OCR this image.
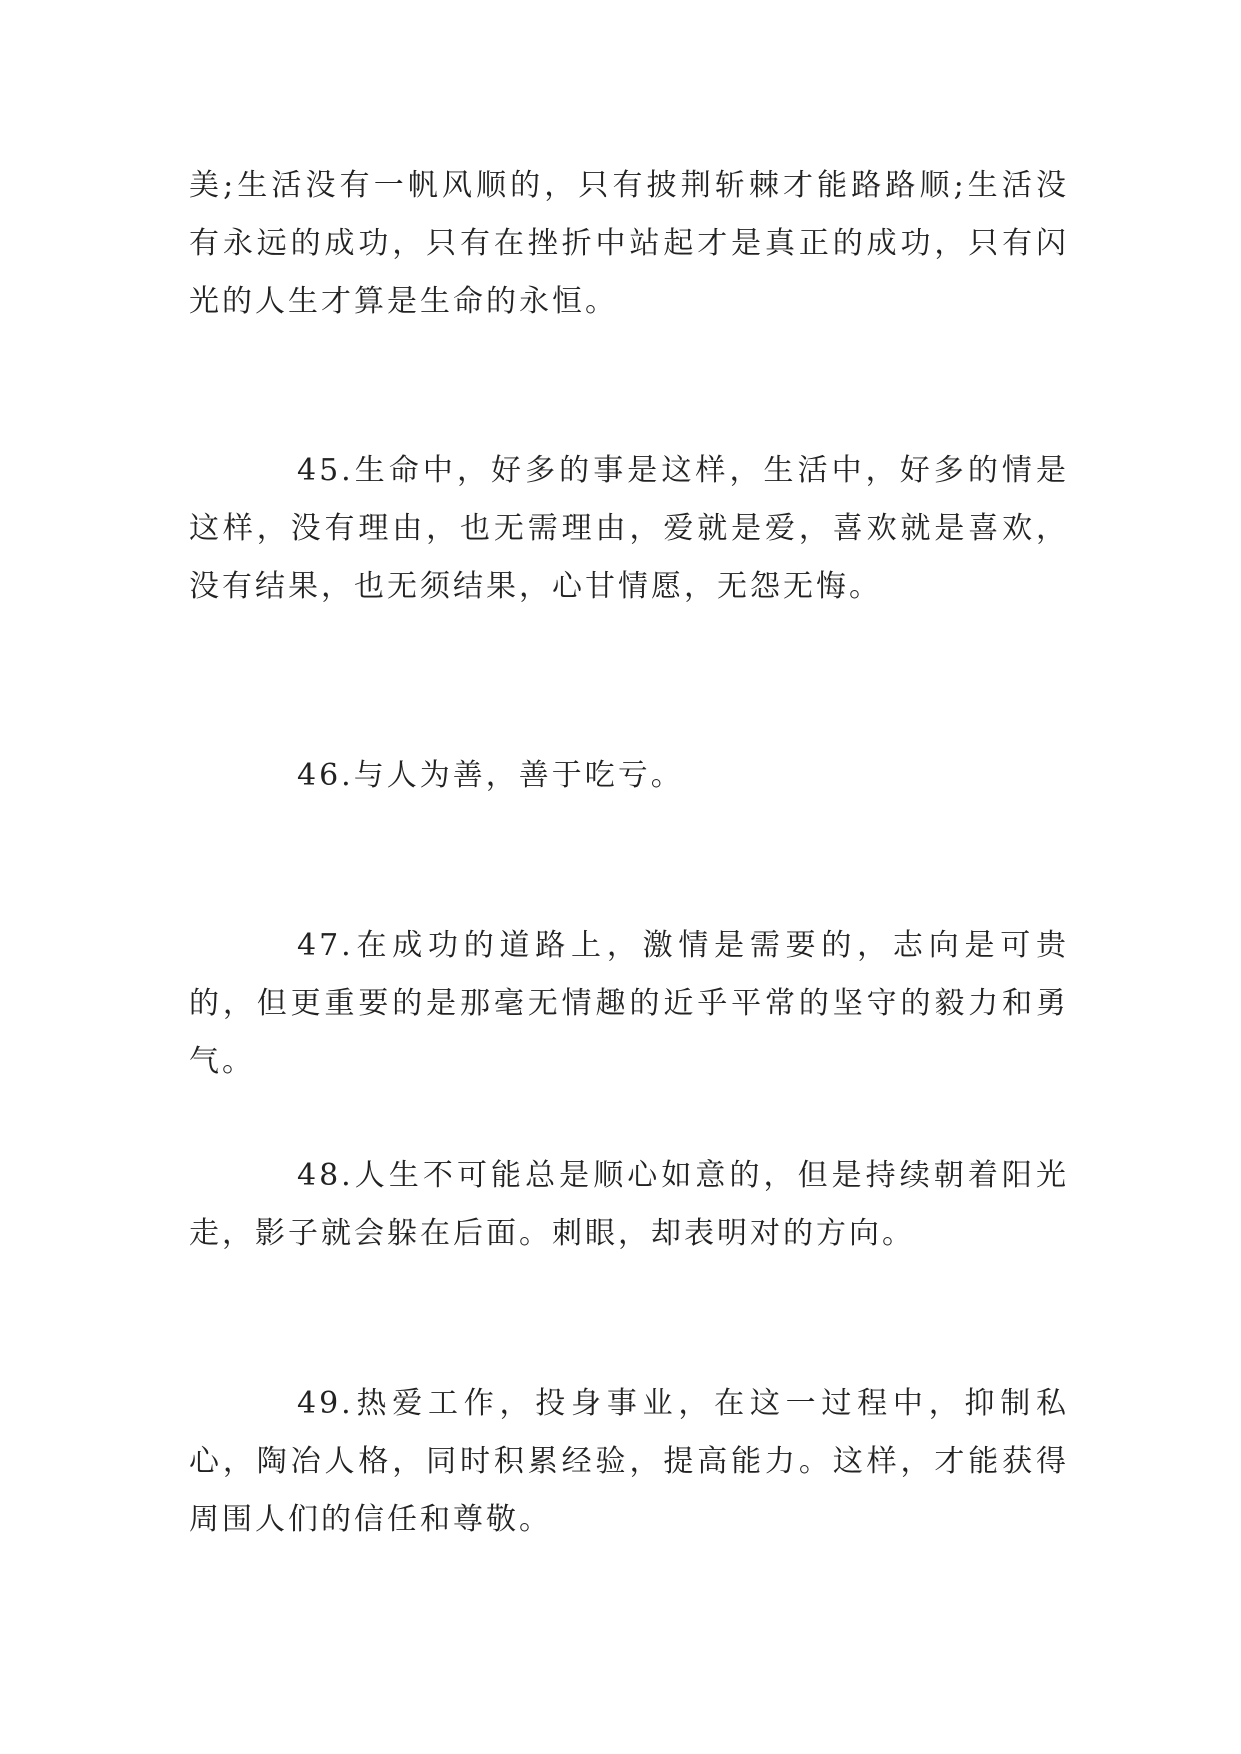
美;生活没有一帆风顺的，只有披荆斩棘才能路路顺;生活没有永远的成功，只有在挫折中站起才是真正的成功，只有闪光的人生才算是生命的永恒。

45.生命中，好多的事是这样，生活中，好多的情是这样，没有理由，也无需理由，爱就是爱，喜欢就是喜欢，没有结果，也无须结果，心甘情愿，无怨无悔。

46.与人为善，善于吃亏。

47.在成功的道路上，激情是需要的，志向是可贵的，但更重要的是那毫无情趣的近乎平常的坚守的毅力和勇气。

48.人生不可能总是顺心如意的，但是持续朝着阳光走，影子就会躲在后面。刺眼，却表明对的方向。

49.热爱工作，投身事业，在这一过程中，抑制私心，陶冶人格，同时积累经验，提高能力。这样，才能获得周围人们的信任和尊敬。
